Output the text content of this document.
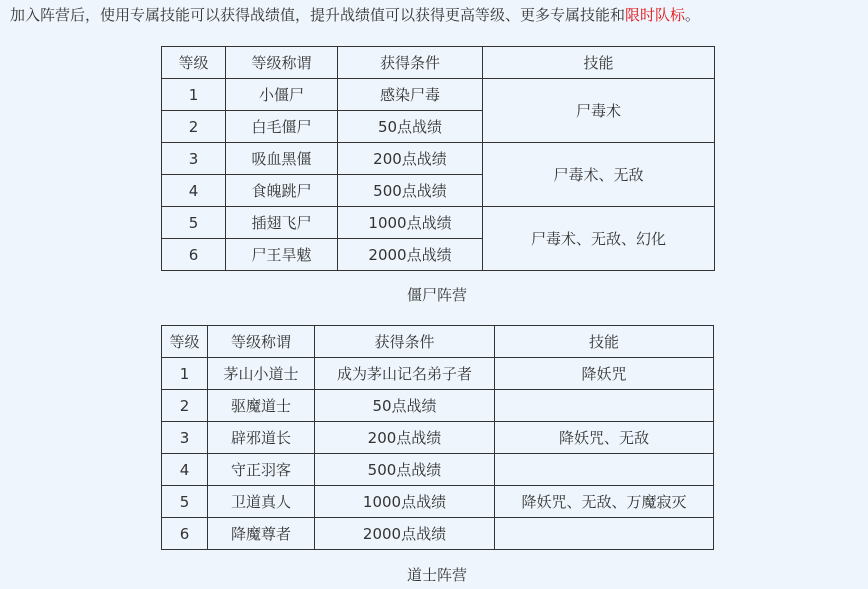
加入阵营后，使用专属技能可以获得战绩值，提升战绩值可以获得更高等级、更多专属技能和限时队标。
等级	等级称谓	获得条件	技能
1	小僵尸	感染尸毒	尸毒术
2	白毛僵尸	50点战绩	
3	吸血黑僵	200点战绩	尸毒术、无敌
4	食魄跳尸	500点战绩	
5	插翅飞尸	1000点战绩	尸毒术、无敌、幻化
6	尸王旱魃	2000点战绩	
僵尸阵营
等级	等级称谓	获得条件	技能
1	茅山小道士	成为茅山记名弟子者	降妖咒
2	驱魔道士	50点战绩	
3	辟邪道长	200点战绩	降妖咒、无敌
4	守正羽客	500点战绩	
5	卫道真人	1000点战绩	降妖咒、无敌、万魔寂灭
6	降魔尊者	2000点战绩	
道士阵营
